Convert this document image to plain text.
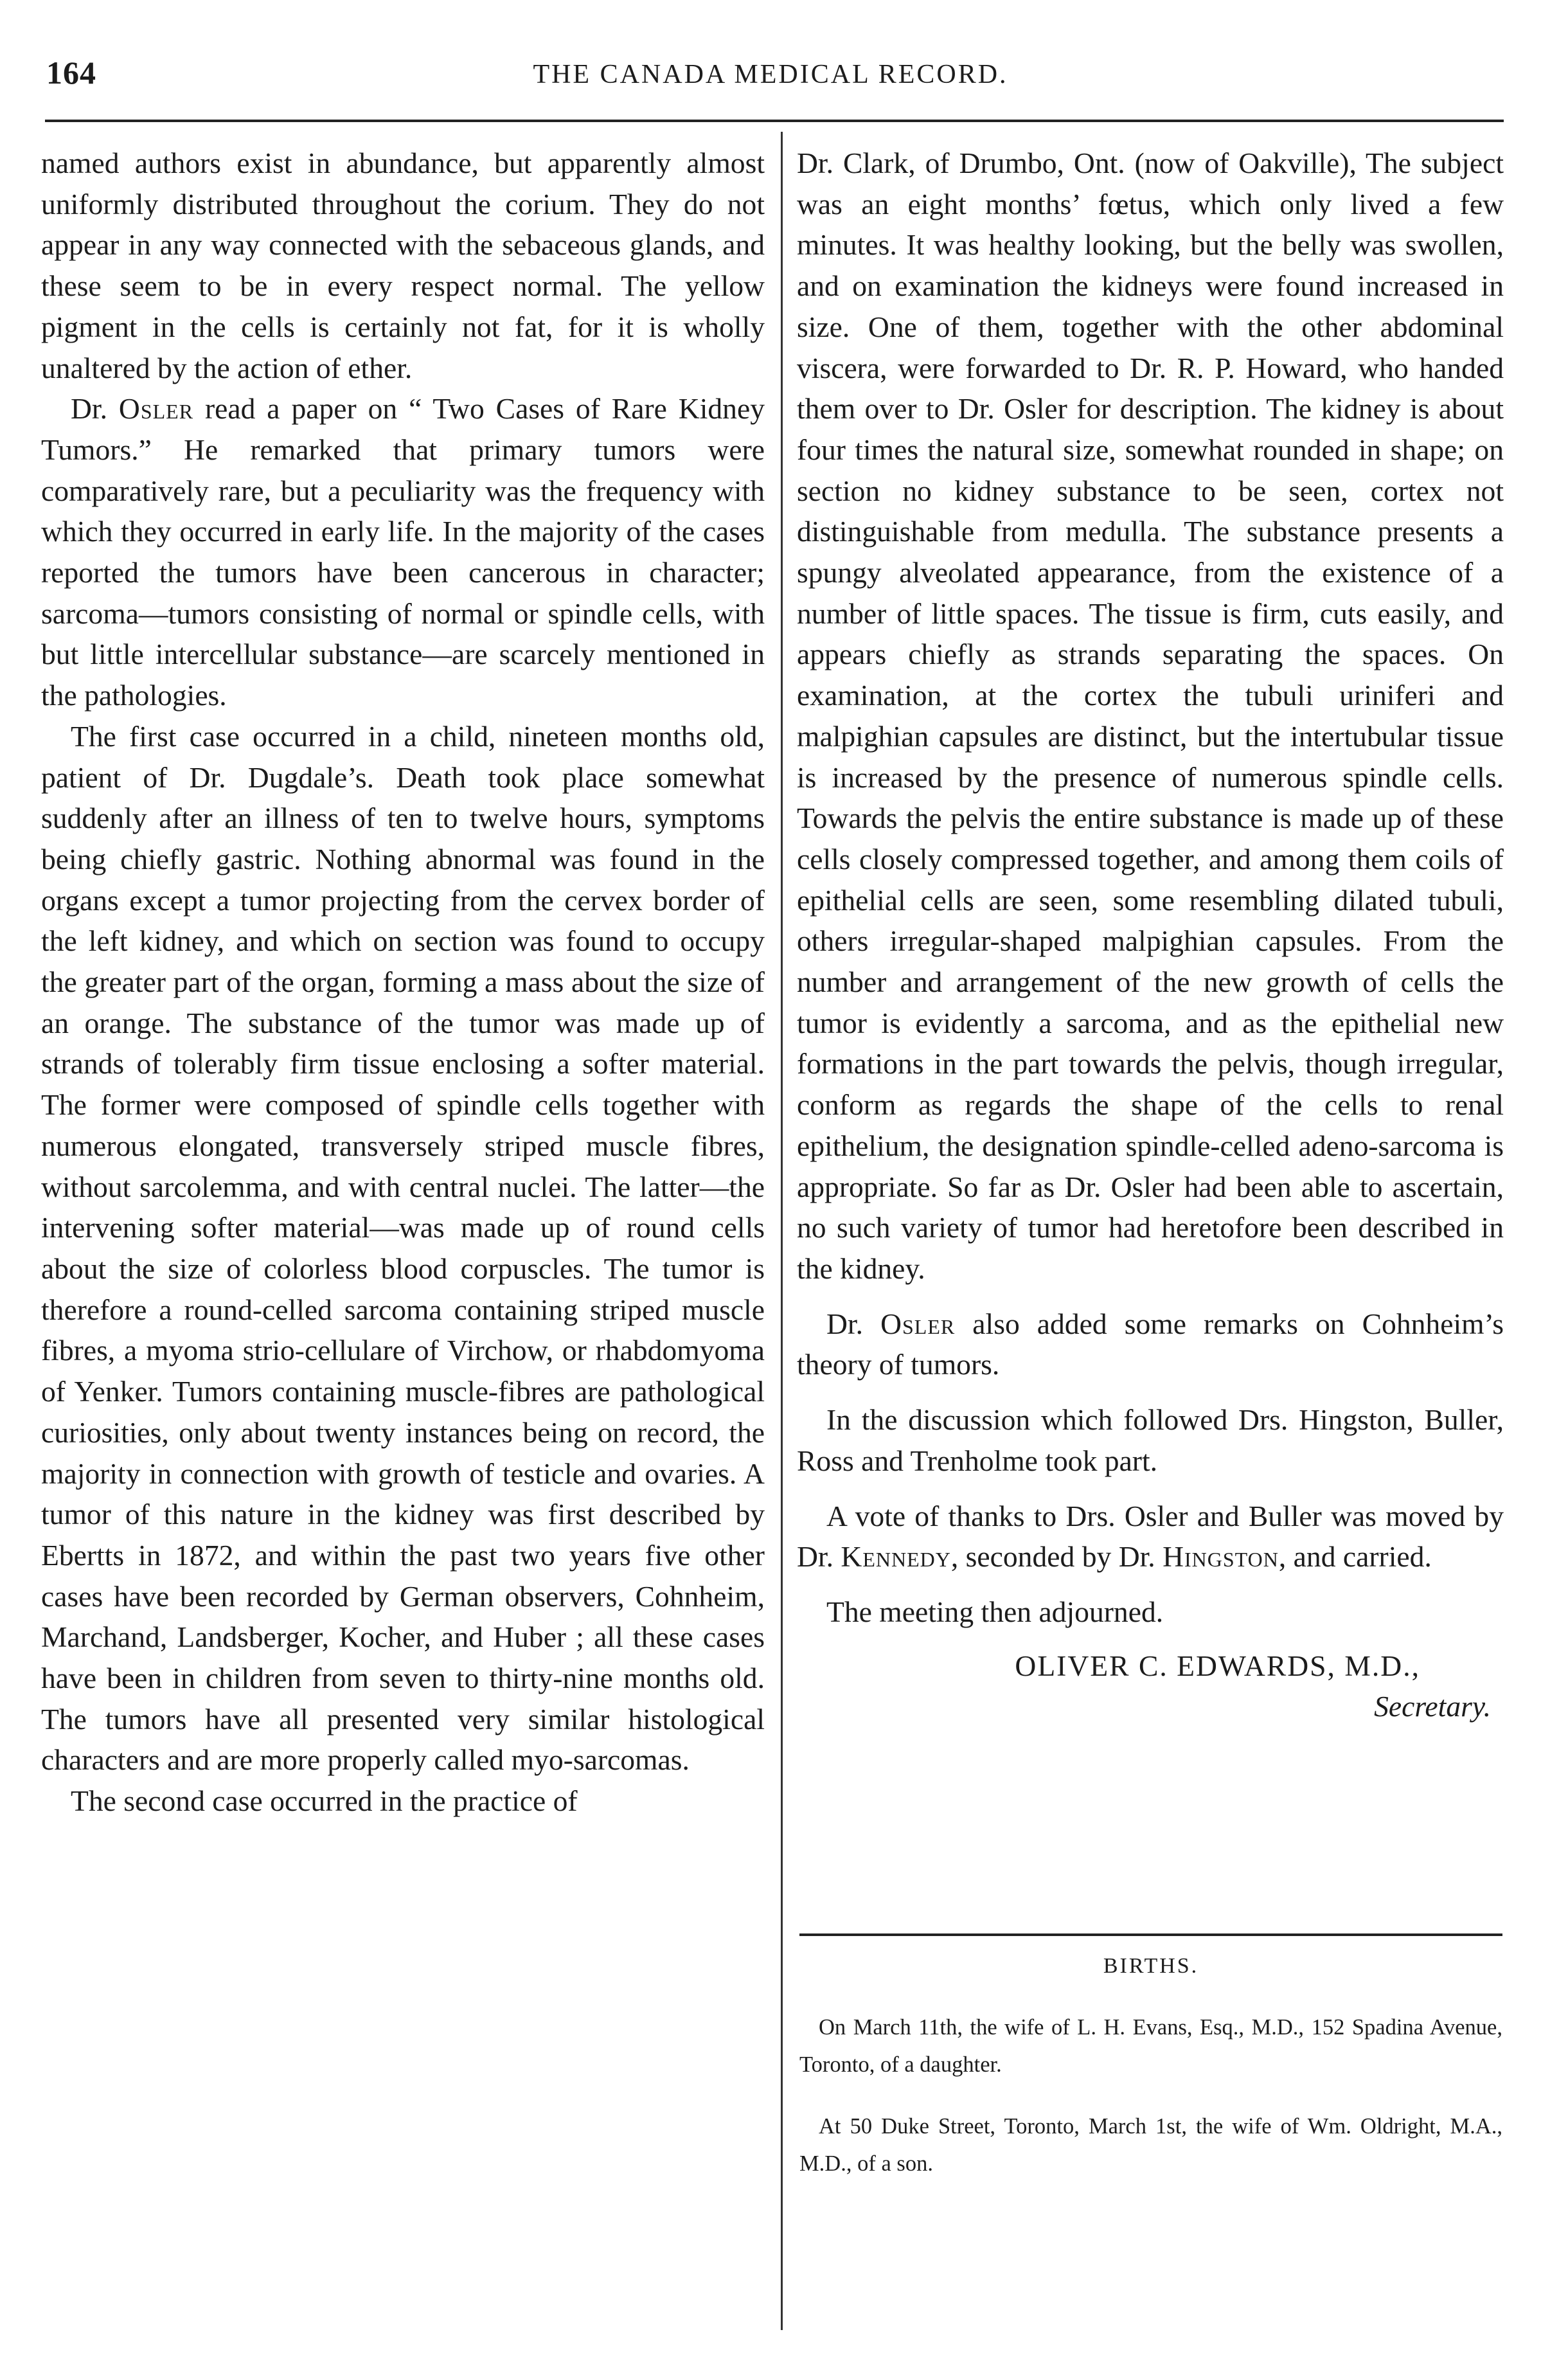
164	THE CANADA MEDICAL RECORD.

named authors exist in abundance, but apparently almost uniformly distributed throughout the corium. They do not appear in any way connected with the sebaceous glands, and these seem to be in every respect normal. The yellow pigment in the cells is certainly not fat, for it is wholly unaltered by the action of ether.

Dr. Osler read a paper on “ Two Cases of Rare Kidney Tumors.” He remarked that primary tumors were comparatively rare, but a peculiarity was the frequency with which they occurred in early life. In the majority of the cases reported the tumors have been cancerous in character; sarcoma—tumors consisting of normal or spindle cells, with but little intercellular substance—are scarcely mentioned in the pathologies.

The first case occurred in a child, nineteen months old, patient of Dr. Dugdale’s. Death took place somewhat suddenly after an illness of ten to twelve hours, symptoms being chiefly gastric. Nothing abnormal was found in the organs except a tumor projecting from the cervex border of the left kidney, and which on section was found to occupy the greater part of the organ, forming a mass about the size of an orange. The substance of the tumor was made up of strands of tolerably firm tissue enclosing a softer material. The former were composed of spindle cells together with numerous elongated, transversely striped muscle fibres, without sarcolemma, and with central nuclei. The latter—the intervening softer material—was made up of round cells about the size of colorless blood corpuscles. The tumor is therefore a round-celled sarcoma containing striped muscle fibres, a myoma strio-cellulare of Virchow, or rhabdomyoma of Yenker. Tumors containing muscle-fibres are pathological curiosities, only about twenty instances being on record, the majority in connection with growth of testicle and ovaries. A tumor of this nature in the kidney was first described by Ebertts in 1872, and within the past two years five other cases have been recorded by German observers, Cohnheim, Marchand, Landsberger, Kocher, and Huber ; all these cases have been in children from seven to thirty-nine months old. The tumors have all presented very similar histological characters and are more properly called myo-sarcomas.

The second case occurred in the practice of

Dr. Clark, of Drumbo, Ont. (now of Oakville), The subject was an eight months’ fœtus, which only lived a few minutes. It was healthy looking, but the belly was swollen, and on examination the kidneys were found increased in size. One of them, together with the other abdominal viscera, were forwarded to Dr. R. P. Howard, who handed them over to Dr. Osler for description. The kidney is about four times the natural size, somewhat rounded in shape; on section no kidney substance to be seen, cortex not distinguishable from medulla. The substance presents a spungy alveolated appearance, from the existence of a number of little spaces. The tissue is firm, cuts easily, and appears chiefly as strands separating the spaces. On examination, at the cortex the tubuli uriniferi and malpighian capsules are distinct, but the intertubular tissue is increased by the presence of numerous spindle cells. Towards the pelvis the entire substance is made up of these cells closely compressed together, and among them coils of epithelial cells are seen, some resembling dilated tubuli, others irregular-shaped malpighian capsules. From the number and arrangement of the new growth of cells the tumor is evidently a sarcoma, and as the epithelial new formations in the part towards the pelvis, though irregular, conform as regards the shape of the cells to renal epithelium, the designation spindle-celled adeno-sarcoma is appropriate. So far as Dr. Osler had been able to ascertain, no such variety of tumor had heretofore been described in the kidney.

Dr. Osler also added some remarks on Cohnheim’s theory of tumors.

In the discussion which followed Drs. Hingston, Buller, Ross and Trenholme took part.

A vote of thanks to Drs. Osler and Buller was moved by Dr. Kennedy, seconded by Dr. Hingston, and carried.

The meeting then adjourned.

OLIVER C. EDWARDS, M.D.,
Secretary.
BIRTHS.

On March 11th, the wife of L. H. Evans, Esq., M.D., 152 Spadina Avenue, Toronto, of a daughter.

At 50 Duke Street, Toronto, March 1st, the wife of Wm. Oldright, M.A., M.D., of a son.
